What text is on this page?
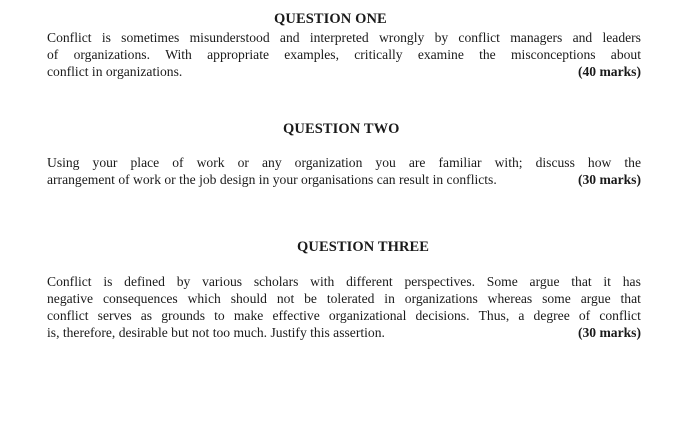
QUESTION ONE
Conflict is sometimes misunderstood and interpreted wrongly by conflict managers and leaders
of organizations. With appropriate examples, critically examine the misconceptions about
conflict in organizations.	(40 marks)
QUESTION TWO
Using your place of work or any organization you are familiar with; discuss how the
arrangement of work or the job design in your organisations can result in conflicts.	(30 marks)
QUESTION THREE
Conflict is defined by various scholars with different perspectives. Some argue that it has
negative consequences which should not be tolerated in organizations whereas some argue that
conflict serves as grounds to make effective organizational decisions. Thus, a degree of conflict
is, therefore, desirable but not too much. Justify this assertion.	(30 marks)
